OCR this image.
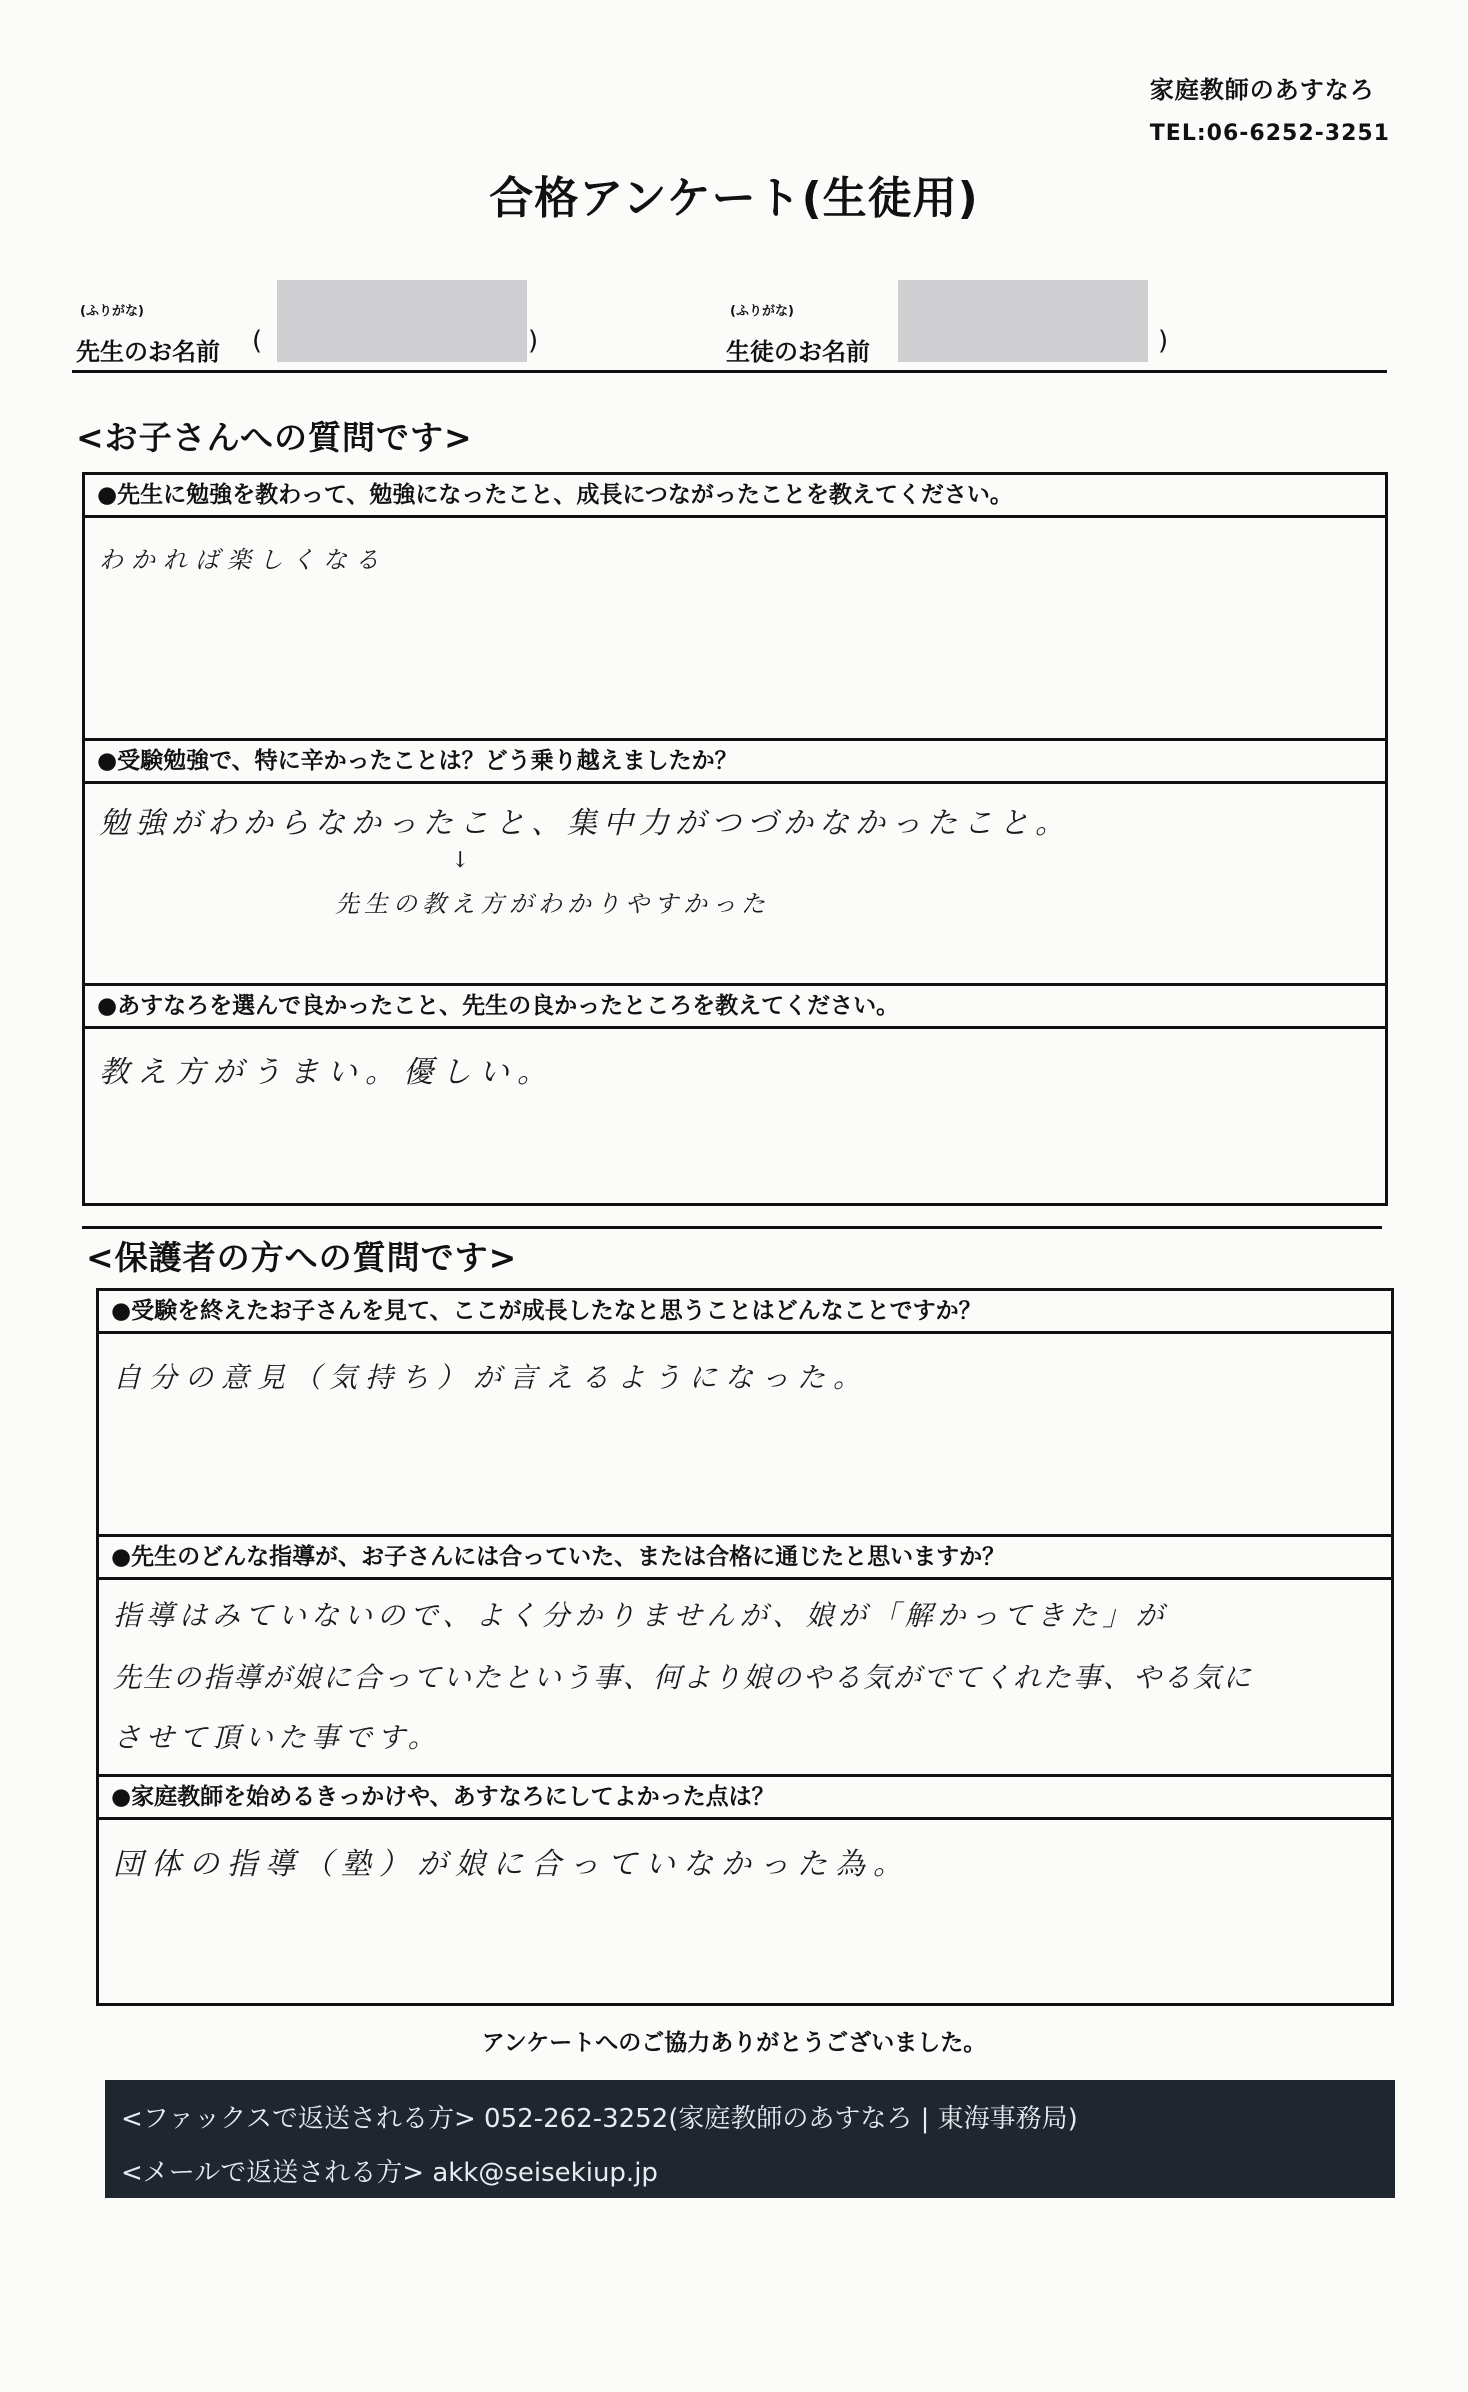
家庭教師のあすなろ
TEL:06-6252-3251
合格アンケート(生徒用)
(ふりがな)
先生のお名前 (	)
(ふりがな)
生徒のお名前	)
<お子さんへの質問です>
●先生に勉強を教わって、勉強になったこと、成長につながったことを教えてください。
わかれば楽しくなる
●受験勉強で、特に辛かったことは？どう乗り越えましたか？
勉強がわからなかったこと、集中力がつづかなかったこと。
↓
先生の教え方がわかりやすかった
●あすなろを選んで良かったこと、先生の良かったところを教えてください。
教え方がうまい。優しい。
<保護者の方への質問です>
●受験を終えたお子さんを見て、ここが成長したなと思うことはどんなことですか？
自分の意見（気持ち）が言えるようになった。
●先生のどんな指導が、お子さんには合っていた、または合格に通じたと思いますか？
指導はみていないので、よく分かりませんが、娘が「解かってきた」が
先生の指導が娘に合っていたという事、何より娘のやる気がでてくれた事、やる気に
させて頂いた事です。
●家庭教師を始めるきっかけや、あすなろにしてよかった点は？
団体の指導（塾）が娘に合っていなかった為。
アンケートへのご協力ありがとうございました。
<ファックスで返送される方> 052-262-3252(家庭教師のあすなろ | 東海事務局)
<メールで返送される方> akk@seisekiup.jp
